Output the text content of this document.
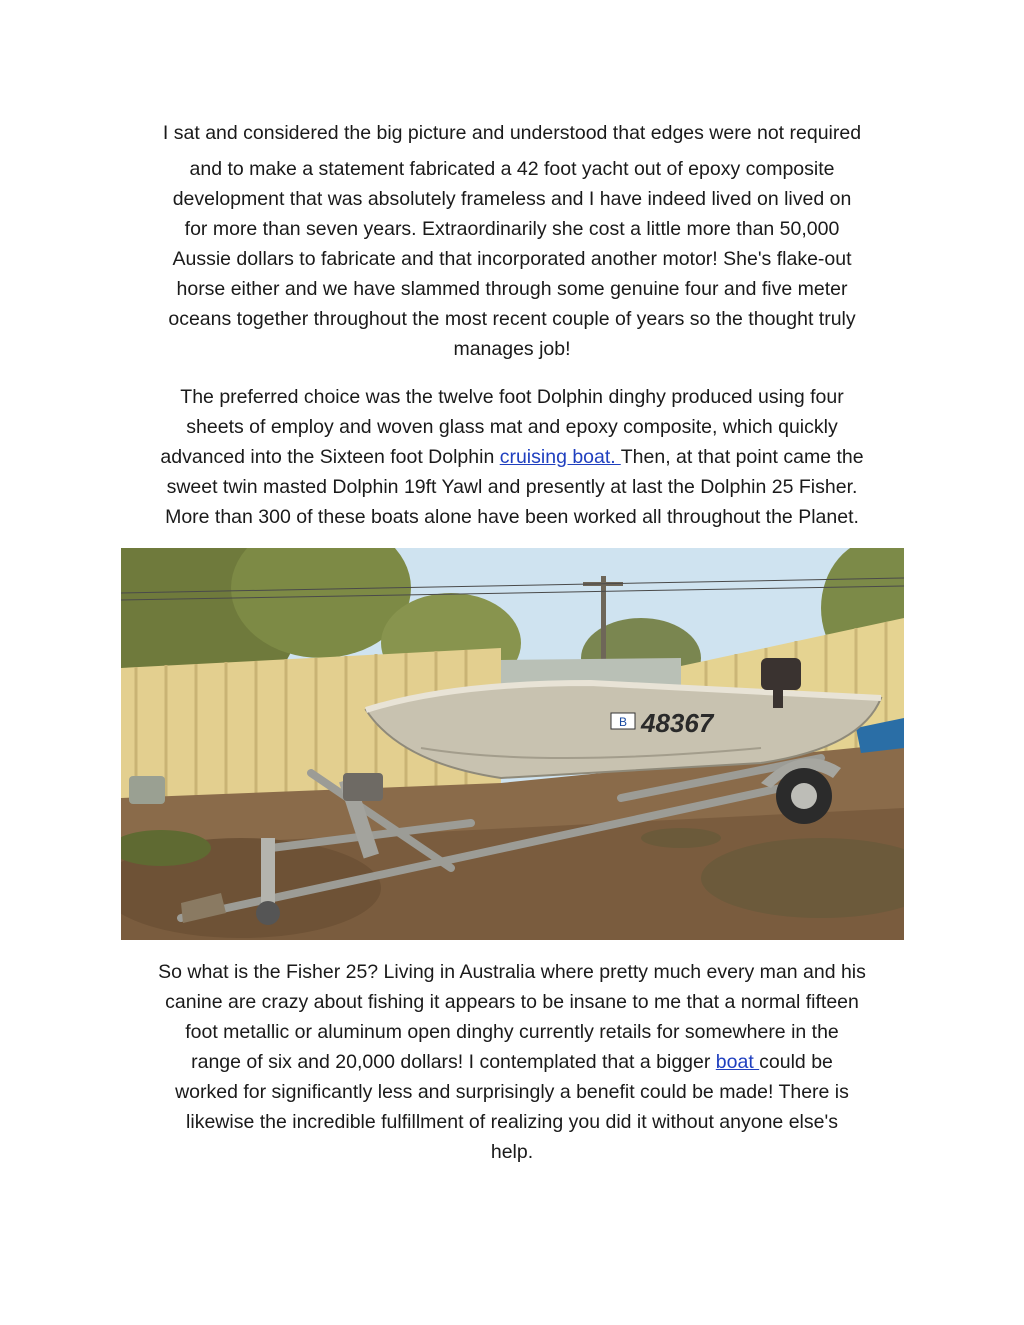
I sat and considered the big picture and understood that edges were not required
and to make a statement fabricated a 42 foot yacht out of epoxy composite
development that was absolutely frameless and I have indeed lived on lived on
for more than seven years. Extraordinarily she cost a little more than 50,000
Aussie dollars to fabricate and that incorporated another motor! She's flake-out
horse either and we have slammed through some genuine four and five meter
oceans together throughout the most recent couple of years so the thought truly
manages job!

The preferred choice was the twelve foot Dolphin dinghy produced using four
sheets of employ and woven glass mat and epoxy composite, which quickly
advanced into the Sixteen foot Dolphin cruising boat. Then, at that point came the
sweet twin masted Dolphin 19ft Yawl and presently at last the Dolphin 25 Fisher.
More than 300 of these boats alone have been worked all throughout the Planet.

B 48367

So what is the Fisher 25? Living in Australia where pretty much every man and his
canine are crazy about fishing it appears to be insane to me that a normal fifteen
foot metallic or aluminum open dinghy currently retails for somewhere in the
range of six and 20,000 dollars! I contemplated that a bigger boat could be
worked for significantly less and surprisingly a benefit could be made! There is
likewise the incredible fulfillment of realizing you did it without anyone else's
help.
